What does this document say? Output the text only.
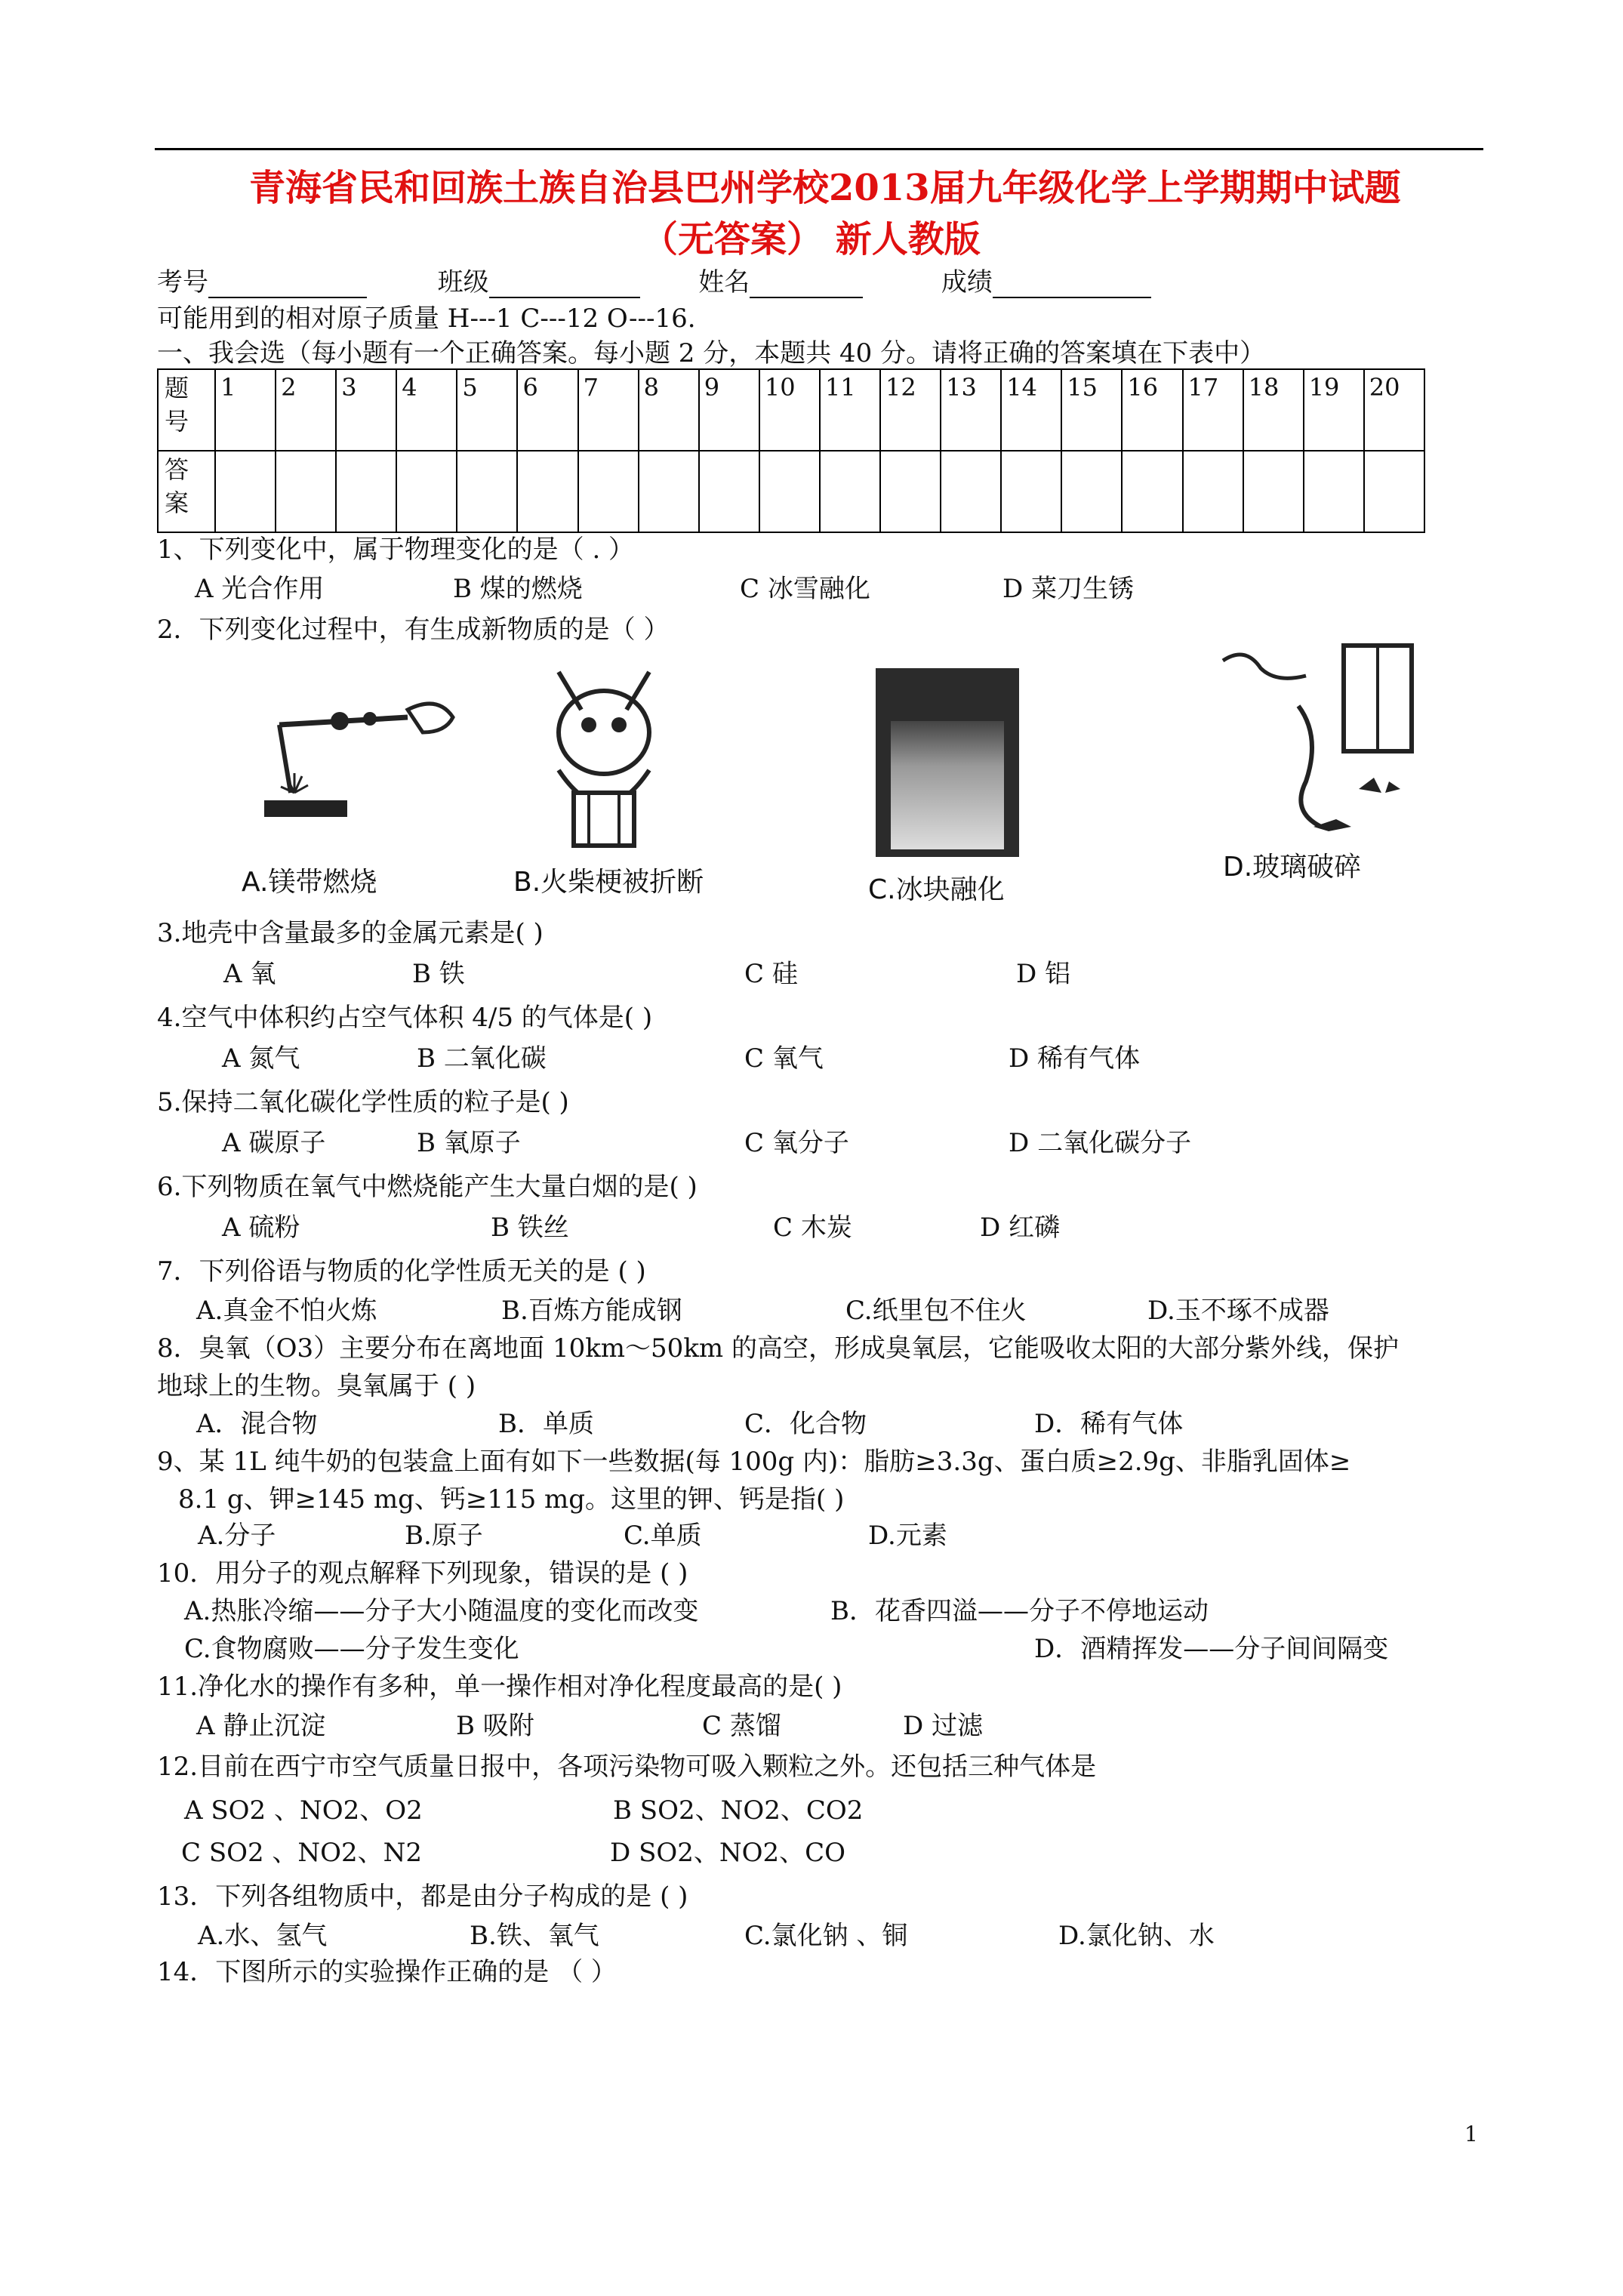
青海省民和回族土族自治县巴州学校2013届九年级化学上学期期中试题
（无答案） 新人教版
考号	班级	姓名	成绩
可能用到的相对原子质量 H---1 C---12 O---16.
一、我会选（每小题有一个正确答案。每小题 2 分，本题共 40 分。请将正确的答案填在下表中）
题
号	1	2	3	4	5	6	7	8	9	10	11	12	13	14	15	16	17	18	19	20
答
案																				
1、下列变化中，属于物理变化的是（ . ）
A 光合作用	B 煤的燃烧	C 冰雪融化	D 菜刀生锈
2．下列变化过程中，有生成新物质的是（ ）
A.镁带燃烧	B.火柴梗被折断	C.冰块融化
D.玻璃破碎
3.地壳中含量最多的金属元素是( )
A 氧	B 铁	C 硅	D 铝
4.空气中体积约占空气体积 4/5 的气体是( )
A 氮气	B 二氧化碳	C 氧气	D 稀有气体
5.保持二氧化碳化学性质的粒子是( )
A 碳原子	B 氧原子	C 氧分子	D 二氧化碳分子
6.下列物质在氧气中燃烧能产生大量白烟的是( )
A 硫粉	B 铁丝	C 木炭	D 红磷
7．下列俗语与物质的化学性质无关的是 ( )
A.真金不怕火炼	B.百炼方能成钢	C.纸里包不住火	D.玉不琢不成器
8．臭氧（O3）主要分布在离地面 10km～50km 的高空，形成臭氧层，它能吸收太阳的大部分紫外线，保护
地球上的生物。臭氧属于 ( )
A．混合物	B．单质	C．化合物	D．稀有气体
9、某 1L 纯牛奶的包装盒上面有如下一些数据(每 100g 内)：脂肪≥3.3g、蛋白质≥2.9g、非脂乳固体≥
8.1 g、钾≥145 mg、钙≥115 mg。这里的钾、钙是指( )
A.分子	B.原子	C.单质	D.元素
10．用分子的观点解释下列现象，错误的是 ( )
A.热胀冷缩——分子大小随温度的变化而改变	B．花香四溢——分子不停地运动
C.食物腐败——分子发生变化	D．酒精挥发——分子间间隔变
11.净化水的操作有多种，单一操作相对净化程度最高的是( )
A 静止沉淀	B 吸附	C 蒸馏	D 过滤
12.目前在西宁市空气质量日报中，各项污染物可吸入颗粒之外。还包括三种气体是
A SO2 、NO2、O2	B SO2、NO2、CO2
C SO2 、NO2、N2	D SO2、NO2、CO
13．下列各组物质中，都是由分子构成的是 ( )
A.水、氢气	B.铁、氧气	C.氯化钠 、铜	D.氯化钠、水
14．下图所示的实验操作正确的是 （ ）
1
